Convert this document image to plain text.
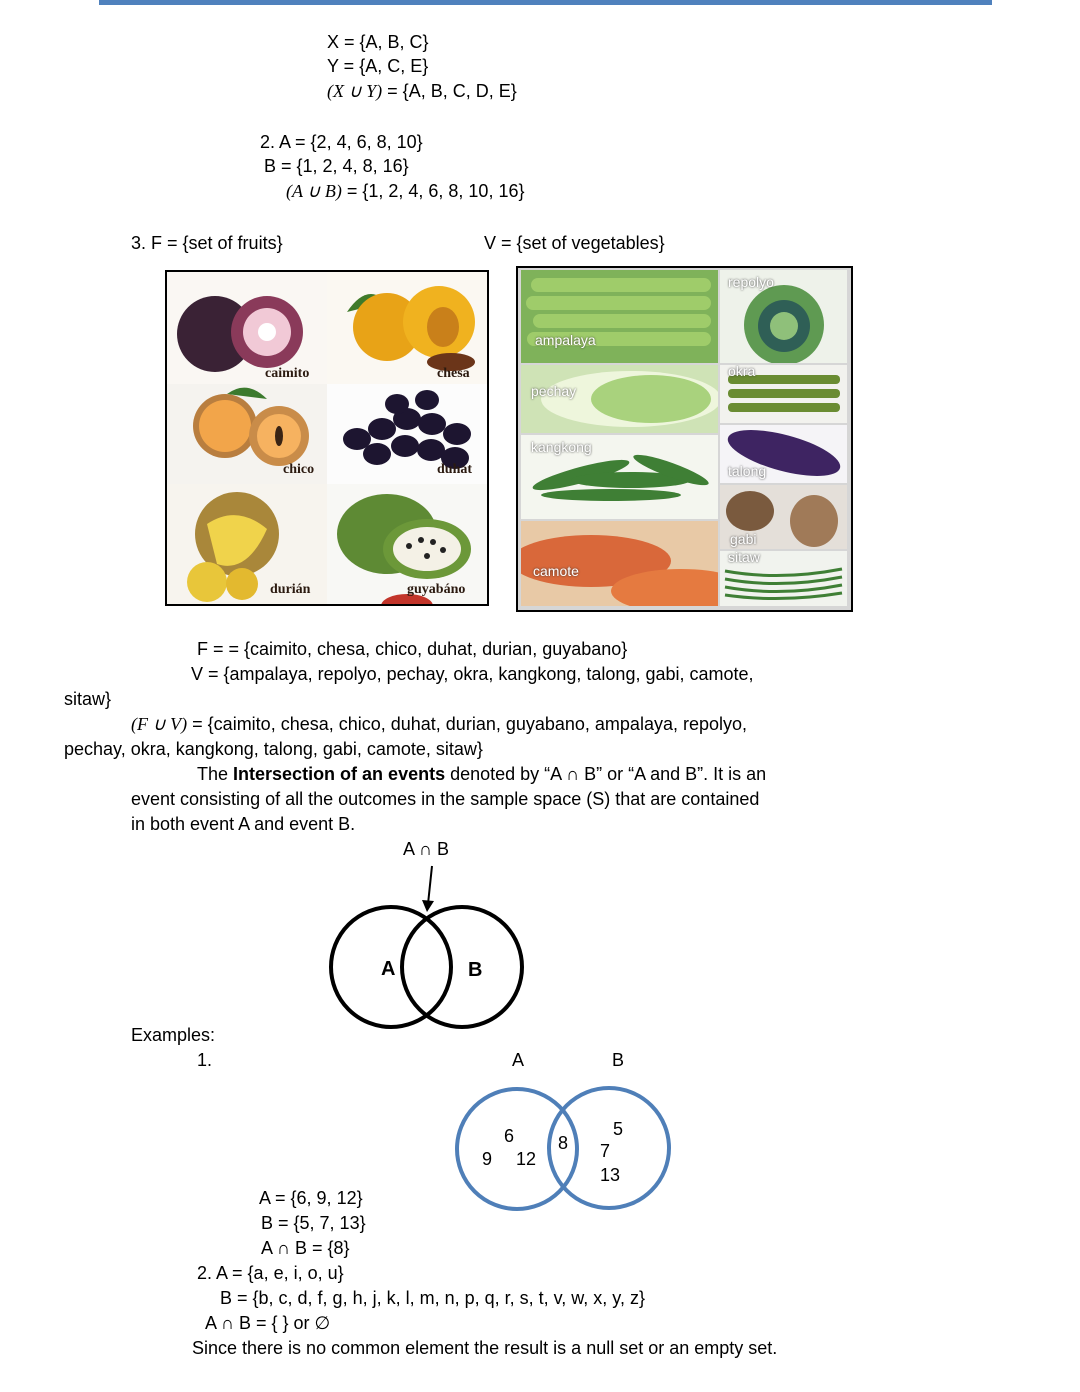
X = {A, B, C}
Y = {A, C, E}
(X ∪ Y) = {A, B, C, D, E}
2. A = {2, 4, 6, 8, 10}
B = {1, 2, 4, 8, 16}
(A ∪ B) = {1, 2, 4, 6, 8, 10, 16}
3. F = {set of fruits}	V = {set of vegetables}
caimito	chesa
chico	duhat
durián	guyabáno
ampalaya
repolyo
pechay
okra
kangkong
talong
gabi
camote
sitaw
F = = {caimito, chesa, chico, duhat, durian, guyabano}
V = {ampalaya, repolyo, pechay, okra, kangkong, talong, gabi, camote,
sitaw}
(F ∪ V) = {caimito, chesa, chico, duhat, durian, guyabano, ampalaya, repolyo,
pechay, okra, kangkong, talong, gabi, camote, sitaw}
The Intersection of an events denoted by “A ∩ B” or “A and B”. It is an
event consisting of all the outcomes in the sample space (S) that are contained
in both event A and event B.
A ∩ B
A	B
Examples:
1.	A	B
6
9 12
8
5
7
13
A = {6, 9, 12}
B = {5, 7, 13}
A ∩ B = {8}
2. A = {a, e, i, o, u}
B = {b, c, d, f, g, h, j, k, l, m, n, p, q, r, s, t, v, w, x, y, z}
A ∩ B = { } or ∅
Since there is no common element the result is a null set or an empty set.
